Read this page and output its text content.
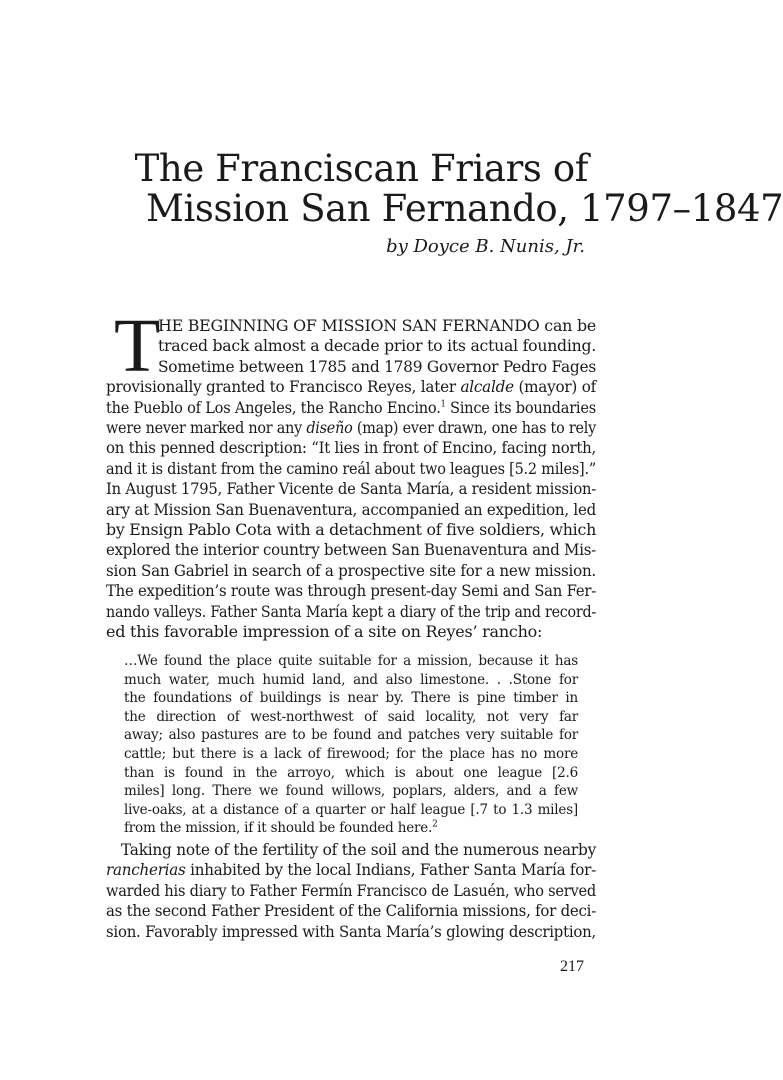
The Franciscan Friars of
Mission San Fernando, 1797–1847

by Doyce B. Nunis, Jr.

T
HE BEGINNING OF MISSION SAN FERNANDO can be
traced back almost a decade prior to its actual founding.
Sometime between 1785 and 1789 Governor Pedro Fages
provisionally granted to Francisco Reyes, later alcalde (mayor) of
the Pueblo of Los Angeles, the Rancho Encino.$^1$ Since its boundaries
were never marked nor any diseño (map) ever drawn, one has to rely
on this penned description: “It lies in front of Encino, facing north,
and it is distant from the camino reál about two leagues [5.2 miles].”
In August 1795, Father Vicente de Santa María, a resident mission-
ary at Mission San Buenaventura, accompanied an expedition, led
by Ensign Pablo Cota with a detachment of five soldiers, which
explored the interior country between San Buenaventura and Mis-
sion San Gabriel in search of a prospective site for a new mission.
The expedition’s route was through present-day Semi and San Fer-
nando valleys. Father Santa María kept a diary of the trip and record-
ed this favorable impression of a site on Reyes’ rancho:
…We found the place quite suitable for a mission, because it has
much water, much humid land, and also limestone. . .Stone for
the foundations of buildings is near by. There is pine timber in
the direction of west-northwest of said locality, not very far
away; also pastures are to be found and patches very suitable for
cattle; but there is a lack of firewood; for the place has no more
than is found in the arroyo, which is about one league [2.6
miles] long. There we found willows, poplars, alders, and a few
live-oaks, at a distance of a quarter or half league [.7 to 1.3 miles]
from the mission, if it should be founded here.$^2$
Taking note of the fertility of the soil and the numerous nearby
rancherias inhabited by the local Indians, Father Santa María for-
warded his diary to Father Fermín Francisco de Lasuén, who served
as the second Father President of the California missions, for deci-
sion. Favorably impressed with Santa María’s glowing description,
217
